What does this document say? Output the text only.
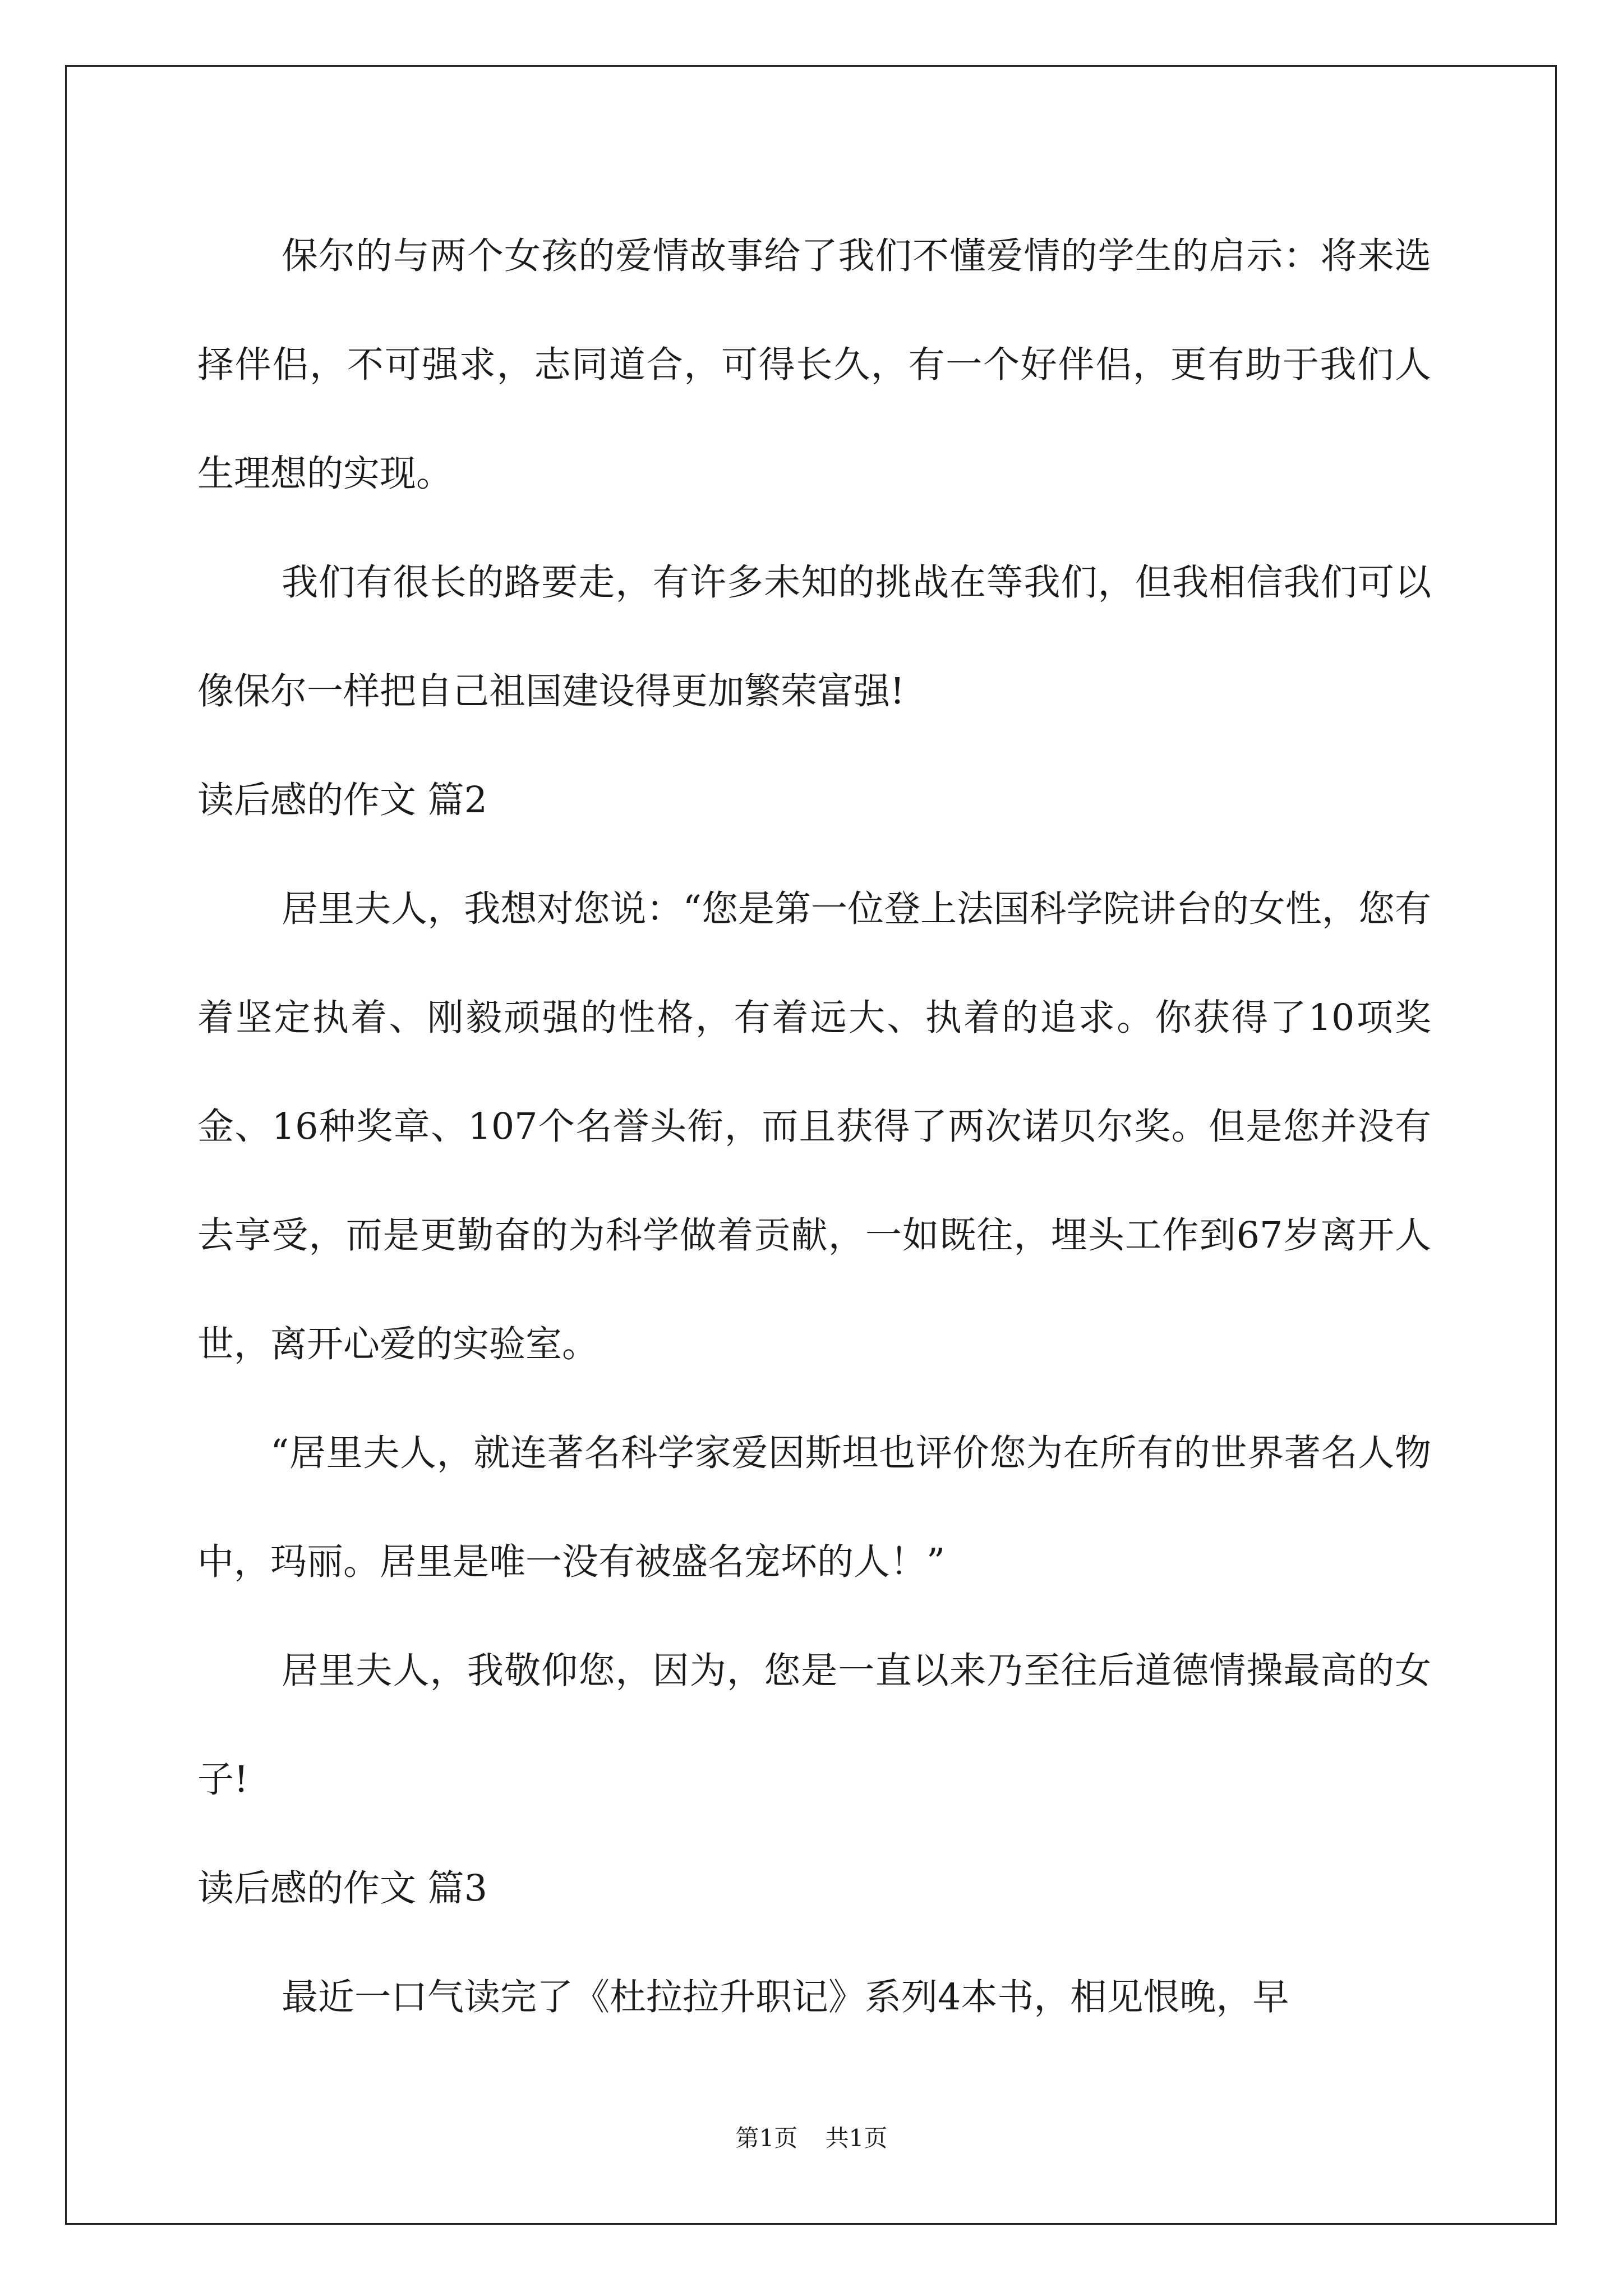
保尔的与两个女孩的爱情故事给了我们不懂爱情的学生的启示：将来选择伴侣，不可强求，志同道合，可得长久，有一个好伴侣，更有助于我们人生理想的实现。

我们有很长的路要走，有许多未知的挑战在等我们，但我相信我们可以像保尔一样把自己祖国建设得更加繁荣富强!

读后感的作文 篇2

居里夫人，我想对您说：“您是第一位登上法国科学院讲台的女性，您有着坚定执着、刚毅顽强的性格，有着远大、执着的追求。你获得了10项奖金、16种奖章、107个名誉头衔，而且获得了两次诺贝尔奖。但是您并没有去享受，而是更勤奋的为科学做着贡献，一如既往，埋头工作到67岁离开人世，离开心爱的实验室。

“居里夫人，就连著名科学家爱因斯坦也评价您为在所有的世界著名人物中，玛丽。居里是唯一没有被盛名宠坏的人！”

居里夫人，我敬仰您，因为，您是一直以来乃至往后道德情操最高的女子!

读后感的作文 篇3

最近一口气读完了《杜拉拉升职记》系列4本书，相见恨晚，早

第1页 共1页
